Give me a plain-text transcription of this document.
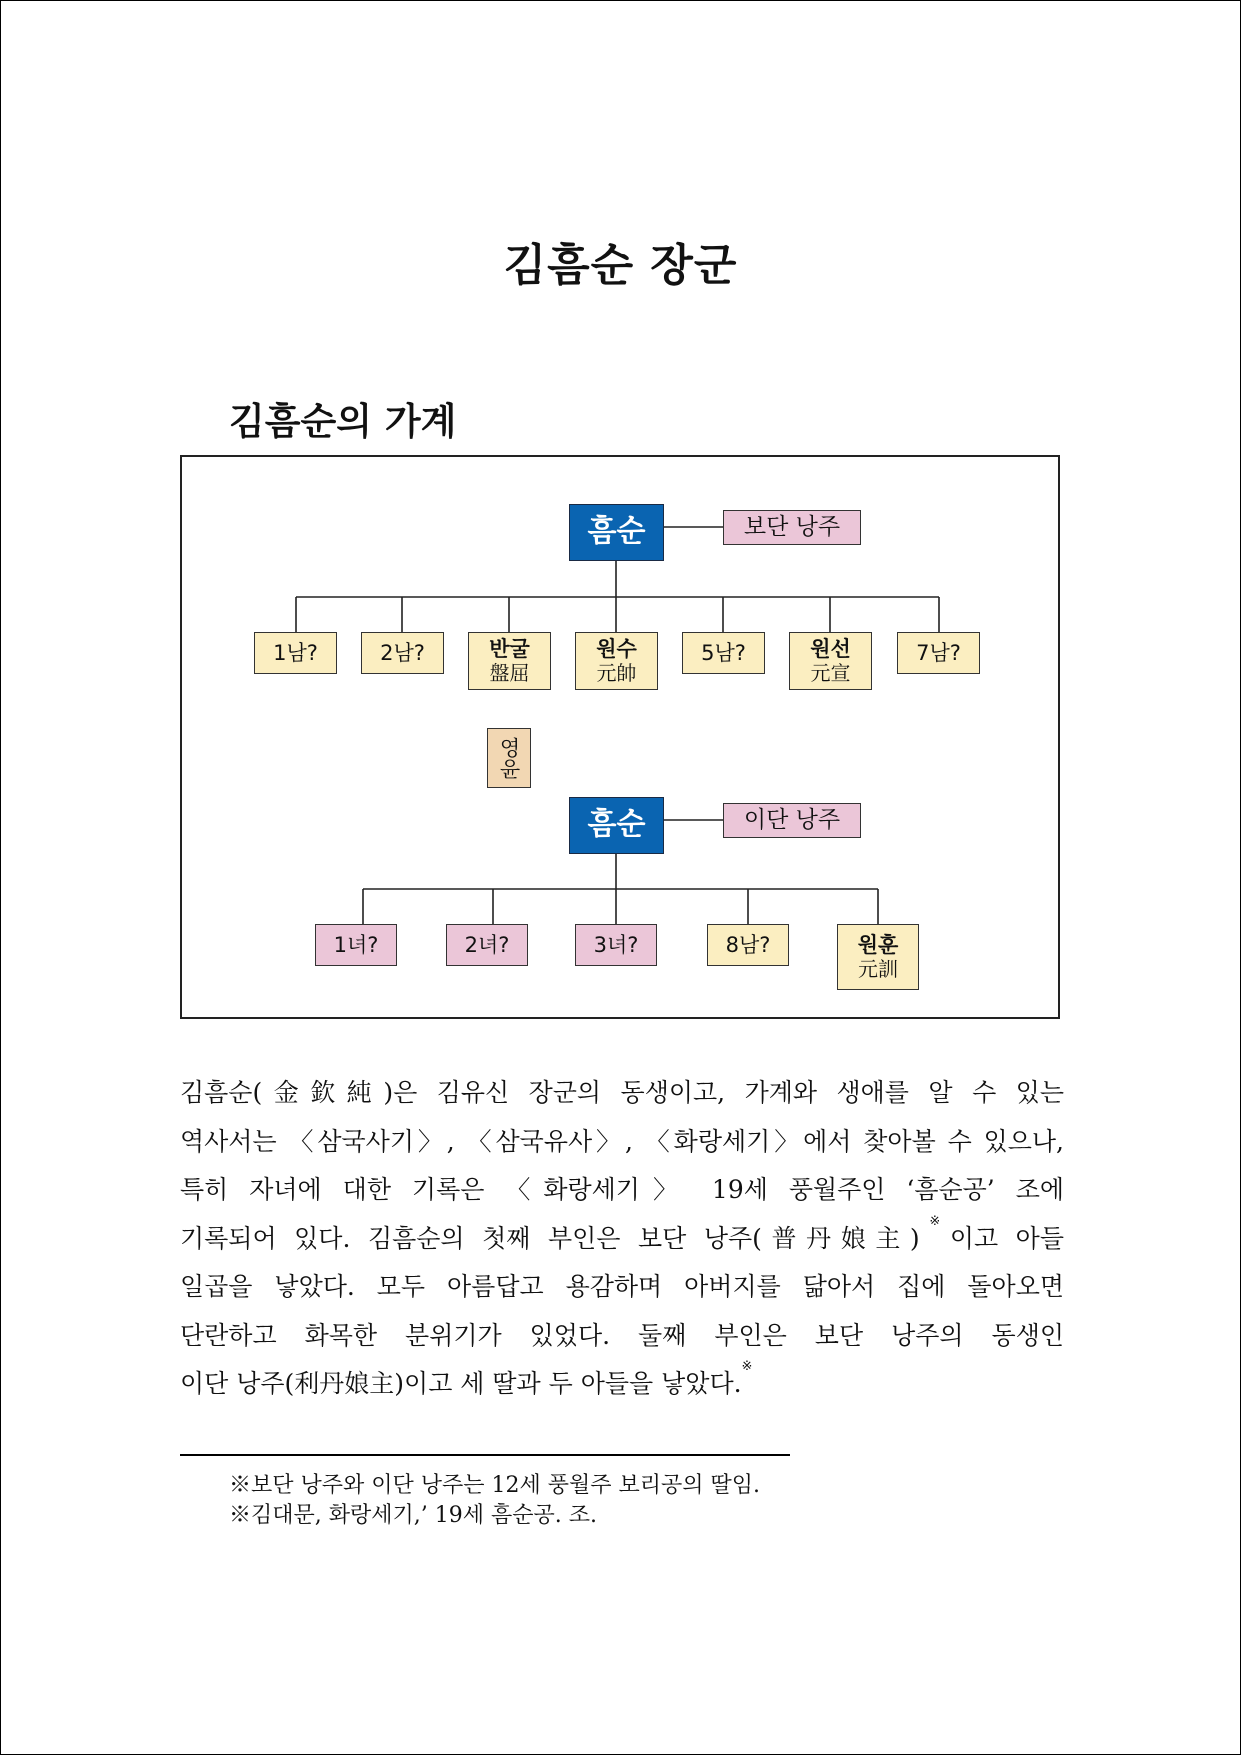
김흠순 장군
김흠순의 가계
흠순	보단 낭주
1남?	2남?	반굴
盤屈
원수
元帥
5남?	원선
元宣
7남?
영윤
흠순	이단 낭주
1녀?	2녀?	3녀?	8남?	원훈
元訓

김흠순(金欽純)은 김유신 장군의 동생이고, 가계와 생애를 알 수 있는

역사서는 〈삼국사기〉, 〈삼국유사〉, 〈화랑세기〉에서 찾아볼 수 있으나,

특히 자녀에 대한 기록은 〈화랑세기〉 19세 풍월주인 ‘흠순공’ 조에

기록되어 있다. 김흠순의 첫째 부인은 보단 낭주(普丹娘主)※이고 아들

일곱을 낳았다. 모두 아름답고 용감하며 아버지를 닮아서 집에 돌아오면

단란하고 화목한 분위기가 있었다. 둘째 부인은 보단 낭주의 동생인

이단 낭주(利丹娘主)이고 세 딸과 두 아들을 낳았다.※

※보단 낭주와 이단 낭주는 12세 풍월주 보리공의 딸임.

※김대문, 화랑세기,’ 19세 흠순공. 조.
